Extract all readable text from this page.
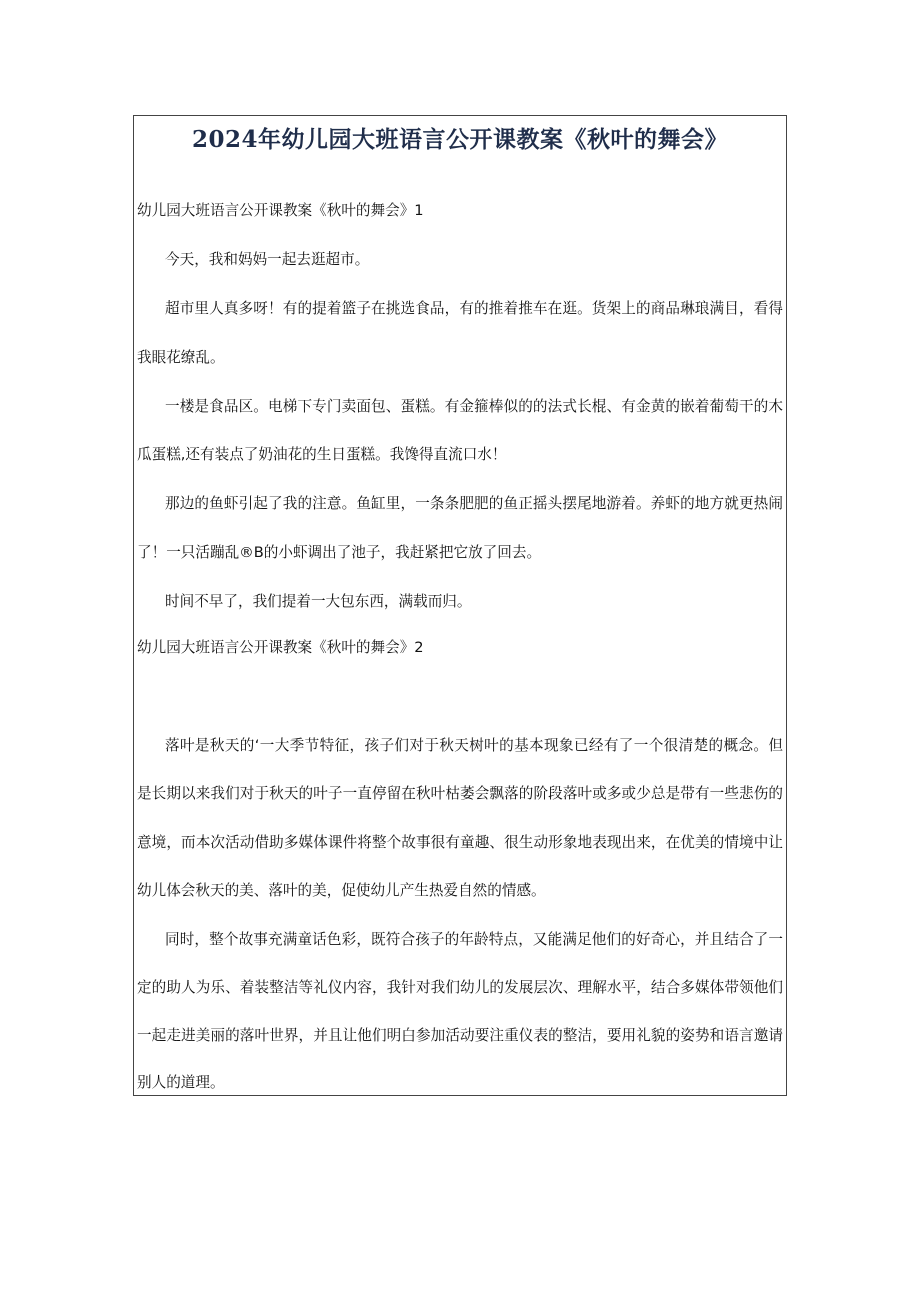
2024年幼儿园大班语言公开课教案《秋叶的舞会》

幼儿园大班语言公开课教案《秋叶的舞会》1

今天，我和妈妈一起去逛超市。

超市里人真多呀！有的提着篮子在挑选食品，有的推着推车在逛。货架上的商品琳琅满目，看得

我眼花缭乱。

一楼是食品区。电梯下专门卖面包、蛋糕。有金箍棒似的的法式长棍、有金黄的嵌着葡萄干的木

瓜蛋糕,还有装点了奶油花的生日蛋糕。我馋得直流口水！

那边的鱼虾引起了我的注意。鱼缸里，一条条肥肥的鱼正摇头摆尾地游着。养虾的地方就更热闹

了！一只活蹦乱®B的小虾调出了池子，我赶紧把它放了回去。

时间不早了，我们提着一大包东西，满载而归。

幼儿园大班语言公开课教案《秋叶的舞会》2

落叶是秋天的‘一大季节特征，孩子们对于秋天树叶的基本现象已经有了一个很清楚的概念。但

是长期以来我们对于秋天的叶子一直停留在秋叶枯萎会飘落的阶段落叶或多或少总是带有一些悲伤的

意境，而本次活动借助多媒体课件将整个故事很有童趣、很生动形象地表现出来，在优美的情境中让

幼儿体会秋天的美、落叶的美，促使幼儿产生热爱自然的情感。

同时，整个故事充满童话色彩，既符合孩子的年龄特点，又能满足他们的好奇心，并且结合了一

定的助人为乐、着装整洁等礼仪内容，我针对我们幼儿的发展层次、理解水平，结合多媒体带领他们

一起走进美丽的落叶世界，并且让他们明白参加活动要注重仪表的整洁，要用礼貌的姿势和语言邀请

别人的道理。
